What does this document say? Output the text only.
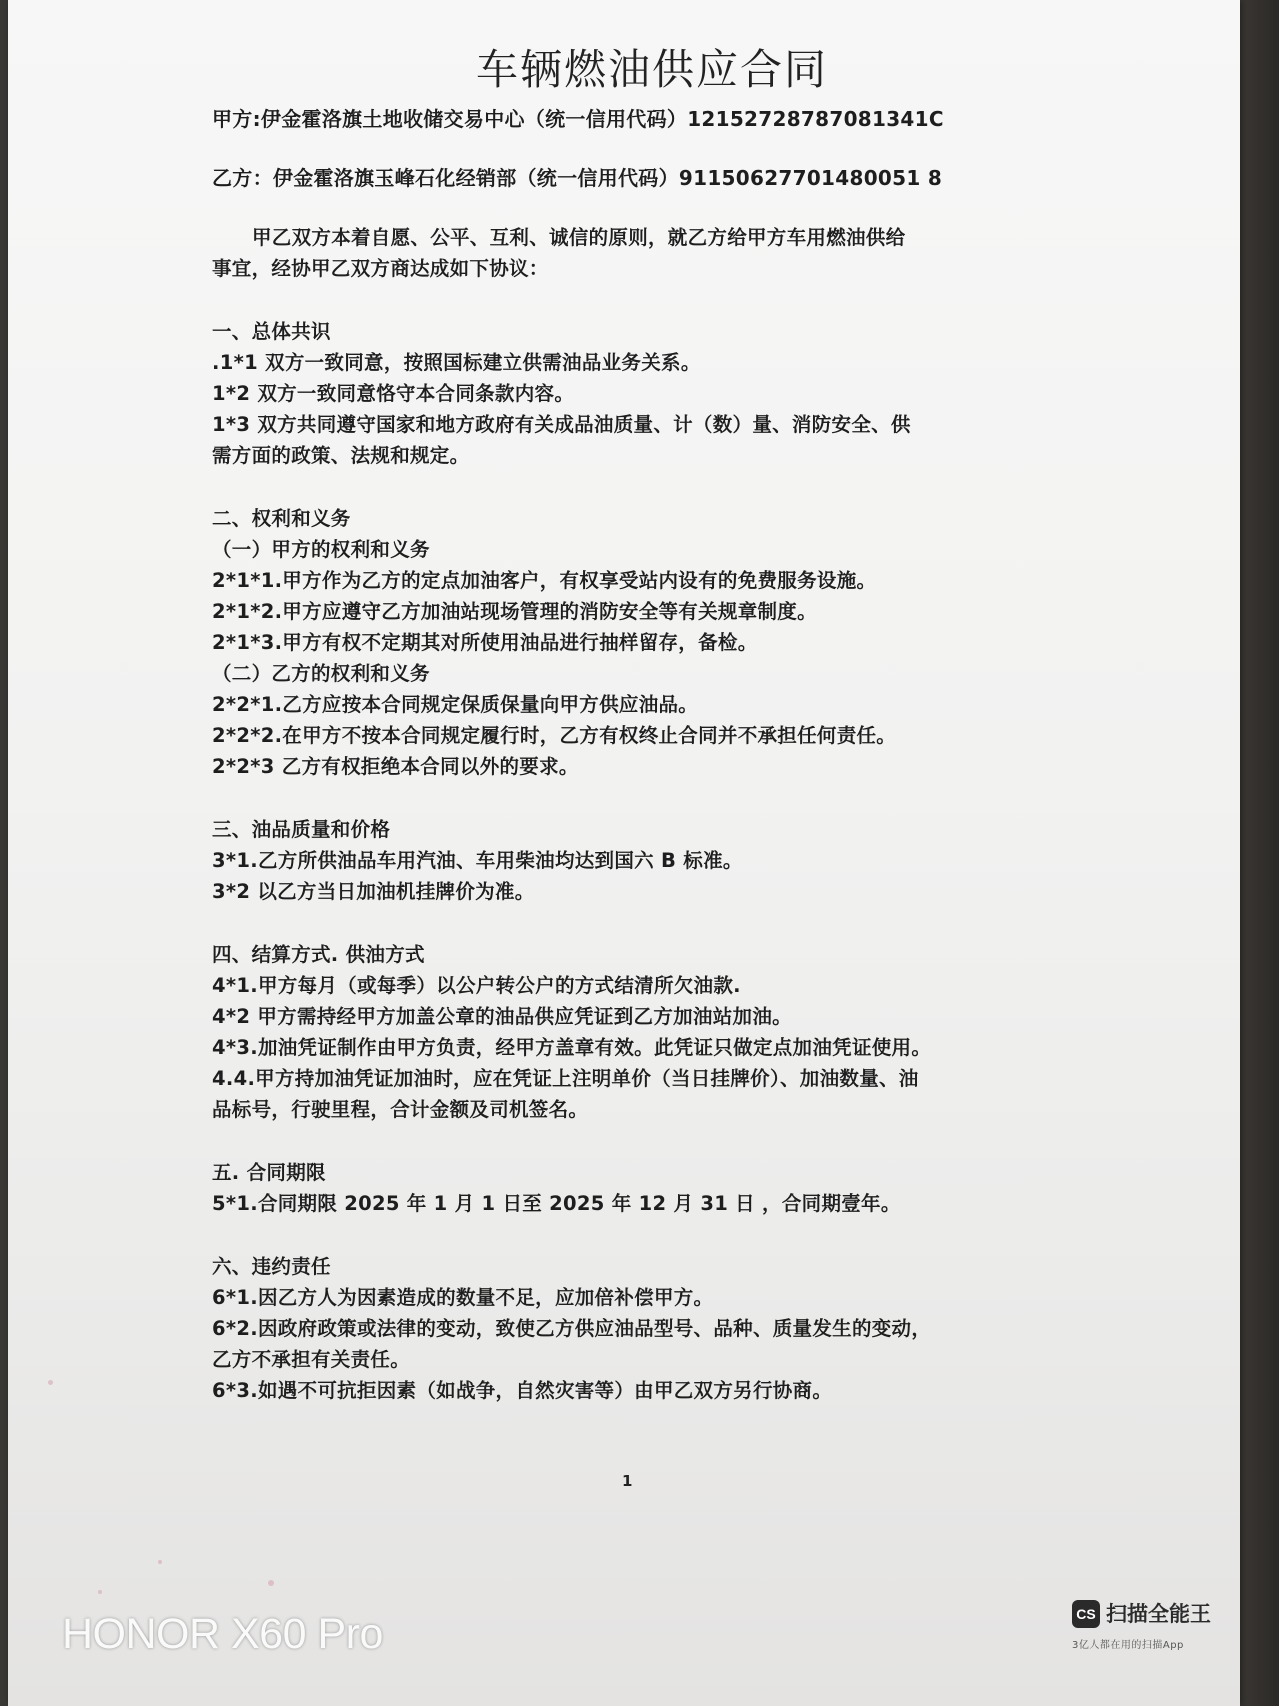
车辆燃油供应合同
甲方:伊金霍洛旗土地收储交易中心（统一信用代码）12152728787081341C
乙方：伊金霍洛旗玉峰石化经销部（统一信用代码）91150627701480051 8
甲乙双方本着自愿、公平、互利、诚信的原则，就乙方给甲方车用燃油供给
事宜，经协甲乙双方商达成如下协议：
一、总体共识
.1*1 双方一致同意，按照国标建立供需油品业务关系。
1*2 双方一致同意恪守本合同条款内容。
1*3 双方共同遵守国家和地方政府有关成品油质量、计（数）量、消防安全、供
需方面的政策、法规和规定。
二、权利和义务
（一）甲方的权利和义务
2*1*1.甲方作为乙方的定点加油客户，有权享受站内设有的免费服务设施。
2*1*2.甲方应遵守乙方加油站现场管理的消防安全等有关规章制度。
2*1*3.甲方有权不定期其对所使用油品进行抽样留存，备检。
（二）乙方的权利和义务
2*2*1.乙方应按本合同规定保质保量向甲方供应油品。
2*2*2.在甲方不按本合同规定履行时，乙方有权终止合同并不承担任何责任。
2*2*3 乙方有权拒绝本合同以外的要求。
三、油品质量和价格
3*1.乙方所供油品车用汽油、车用柴油均达到国六 B 标准。
3*2 以乙方当日加油机挂牌价为准。
四、结算方式. 供油方式
4*1.甲方每月（或每季）以公户转公户的方式结清所欠油款.
4*2 甲方需持经甲方加盖公章的油品供应凭证到乙方加油站加油。
4*3.加油凭证制作由甲方负责，经甲方盖章有效。此凭证只做定点加油凭证使用。
4.4.甲方持加油凭证加油时，应在凭证上注明单价（当日挂牌价）、加油数量、油
品标号，行驶里程，合计金额及司机签名。
五. 合同期限
5*1.合同期限 2025 年 1 月 1 日至 2025 年 12 月 31 日 ，合同期壹年。
六、违约责任
6*1.因乙方人为因素造成的数量不足，应加倍补偿甲方。
6*2.因政府政策或法律的变动，致使乙方供应油品型号、品种、质量发生的变动，
乙方不承担有关责任。
6*3.如遇不可抗拒因素（如战争，自然灾害等）由甲乙双方另行协商。
1
HONOR X60 Pro	CS 扫描全能王
3亿人都在用的扫描App
